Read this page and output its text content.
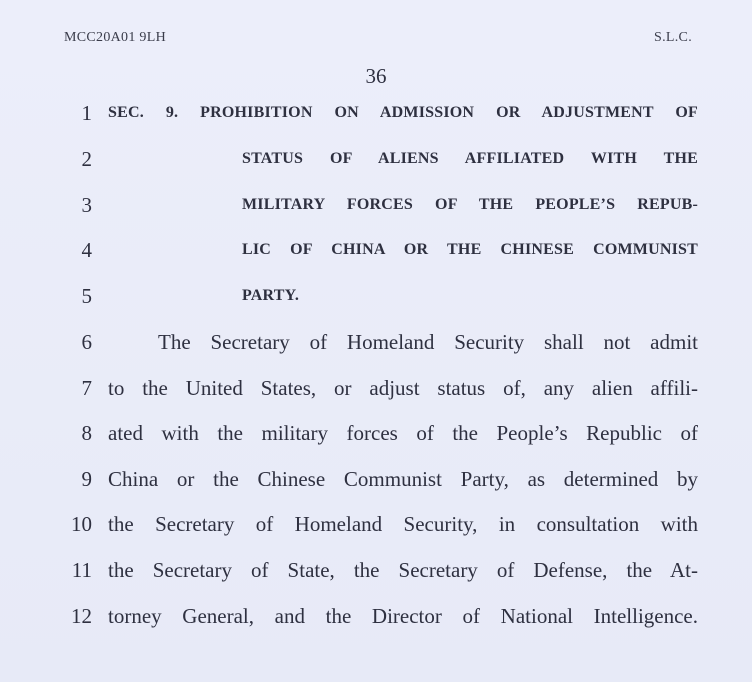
MCC20A01 9LH	S.L.C.
36
1
2
3
4
5
6
7
8
9
10
11
12
SEC. 9. PROHIBITION ON ADMISSION OR ADJUSTMENT OF
STATUS OF ALIENS AFFILIATED WITH THE
MILITARY FORCES OF THE PEOPLE’S REPUB-
LIC OF CHINA OR THE CHINESE COMMUNIST
PARTY.
The Secretary of Homeland Security shall not admit
to the United States, or adjust status of, any alien affili-
ated with the military forces of the People’s Republic of
China or the Chinese Communist Party, as determined by
the Secretary of Homeland Security, in consultation with
the Secretary of State, the Secretary of Defense, the At-
torney General, and the Director of National Intelligence.
